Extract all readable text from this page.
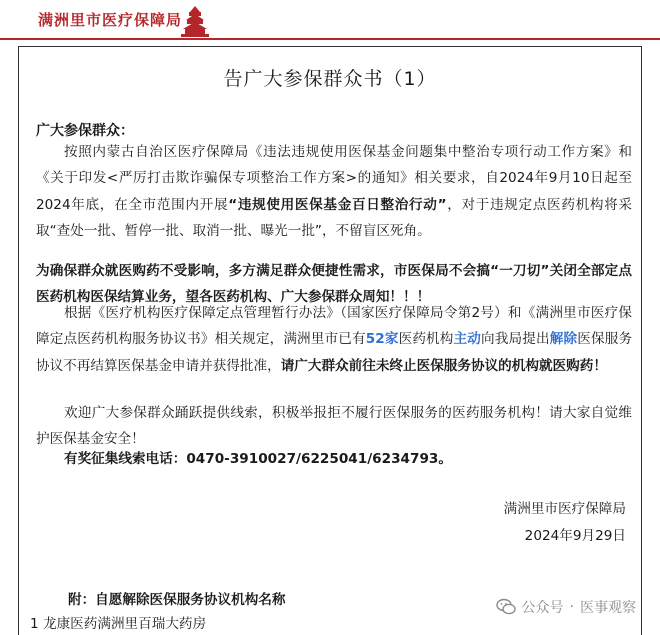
满洲里市医疗保障局
告广大参保群众书（1）
广大参保群众：
按照内蒙古自治区医疗保障局《违法违规使用医保基金问题集中整治专项行动工作方案》和《关于印发<严厉打击欺诈骗保专项整治工作方案>的通知》相关要求，自2024年9月10日起至2024年底，在全市范围内开展“违规使用医保基金百日整治行动”，对于违规定点医药机构将采取“查处一批、暂停一批、取消一批、曝光一批”，不留盲区死角。
为确保群众就医购药不受影响，多方满足群众便捷性需求，市医保局不会搞“一刀切”关闭全部定点医药机构医保结算业务，望各医药机构、广大参保群众周知！！！
根据《医疗机构医疗保障定点管理暂行办法》（国家医疗保障局令第2号）和《满洲里市医疗保障定点医药机构服务协议书》相关规定，满洲里市已有52家医药机构主动向我局提出解除医保服务协议不再结算医保基金申请并获得批准，请广大群众前往未终止医保服务协议的机构就医购药！
欢迎广大参保群众踊跃提供线索，积极举报拒不履行医保服务的医药服务机构！请大家自觉维护医保基金安全！
有奖征集线索电话：0470-3910027/6225041/6234793。
满洲里市医疗保障局
2024年9月29日
附：自愿解除医保服务协议机构名称
1 龙康医药满洲里百瑞大药房
公众号 · 医事观察
